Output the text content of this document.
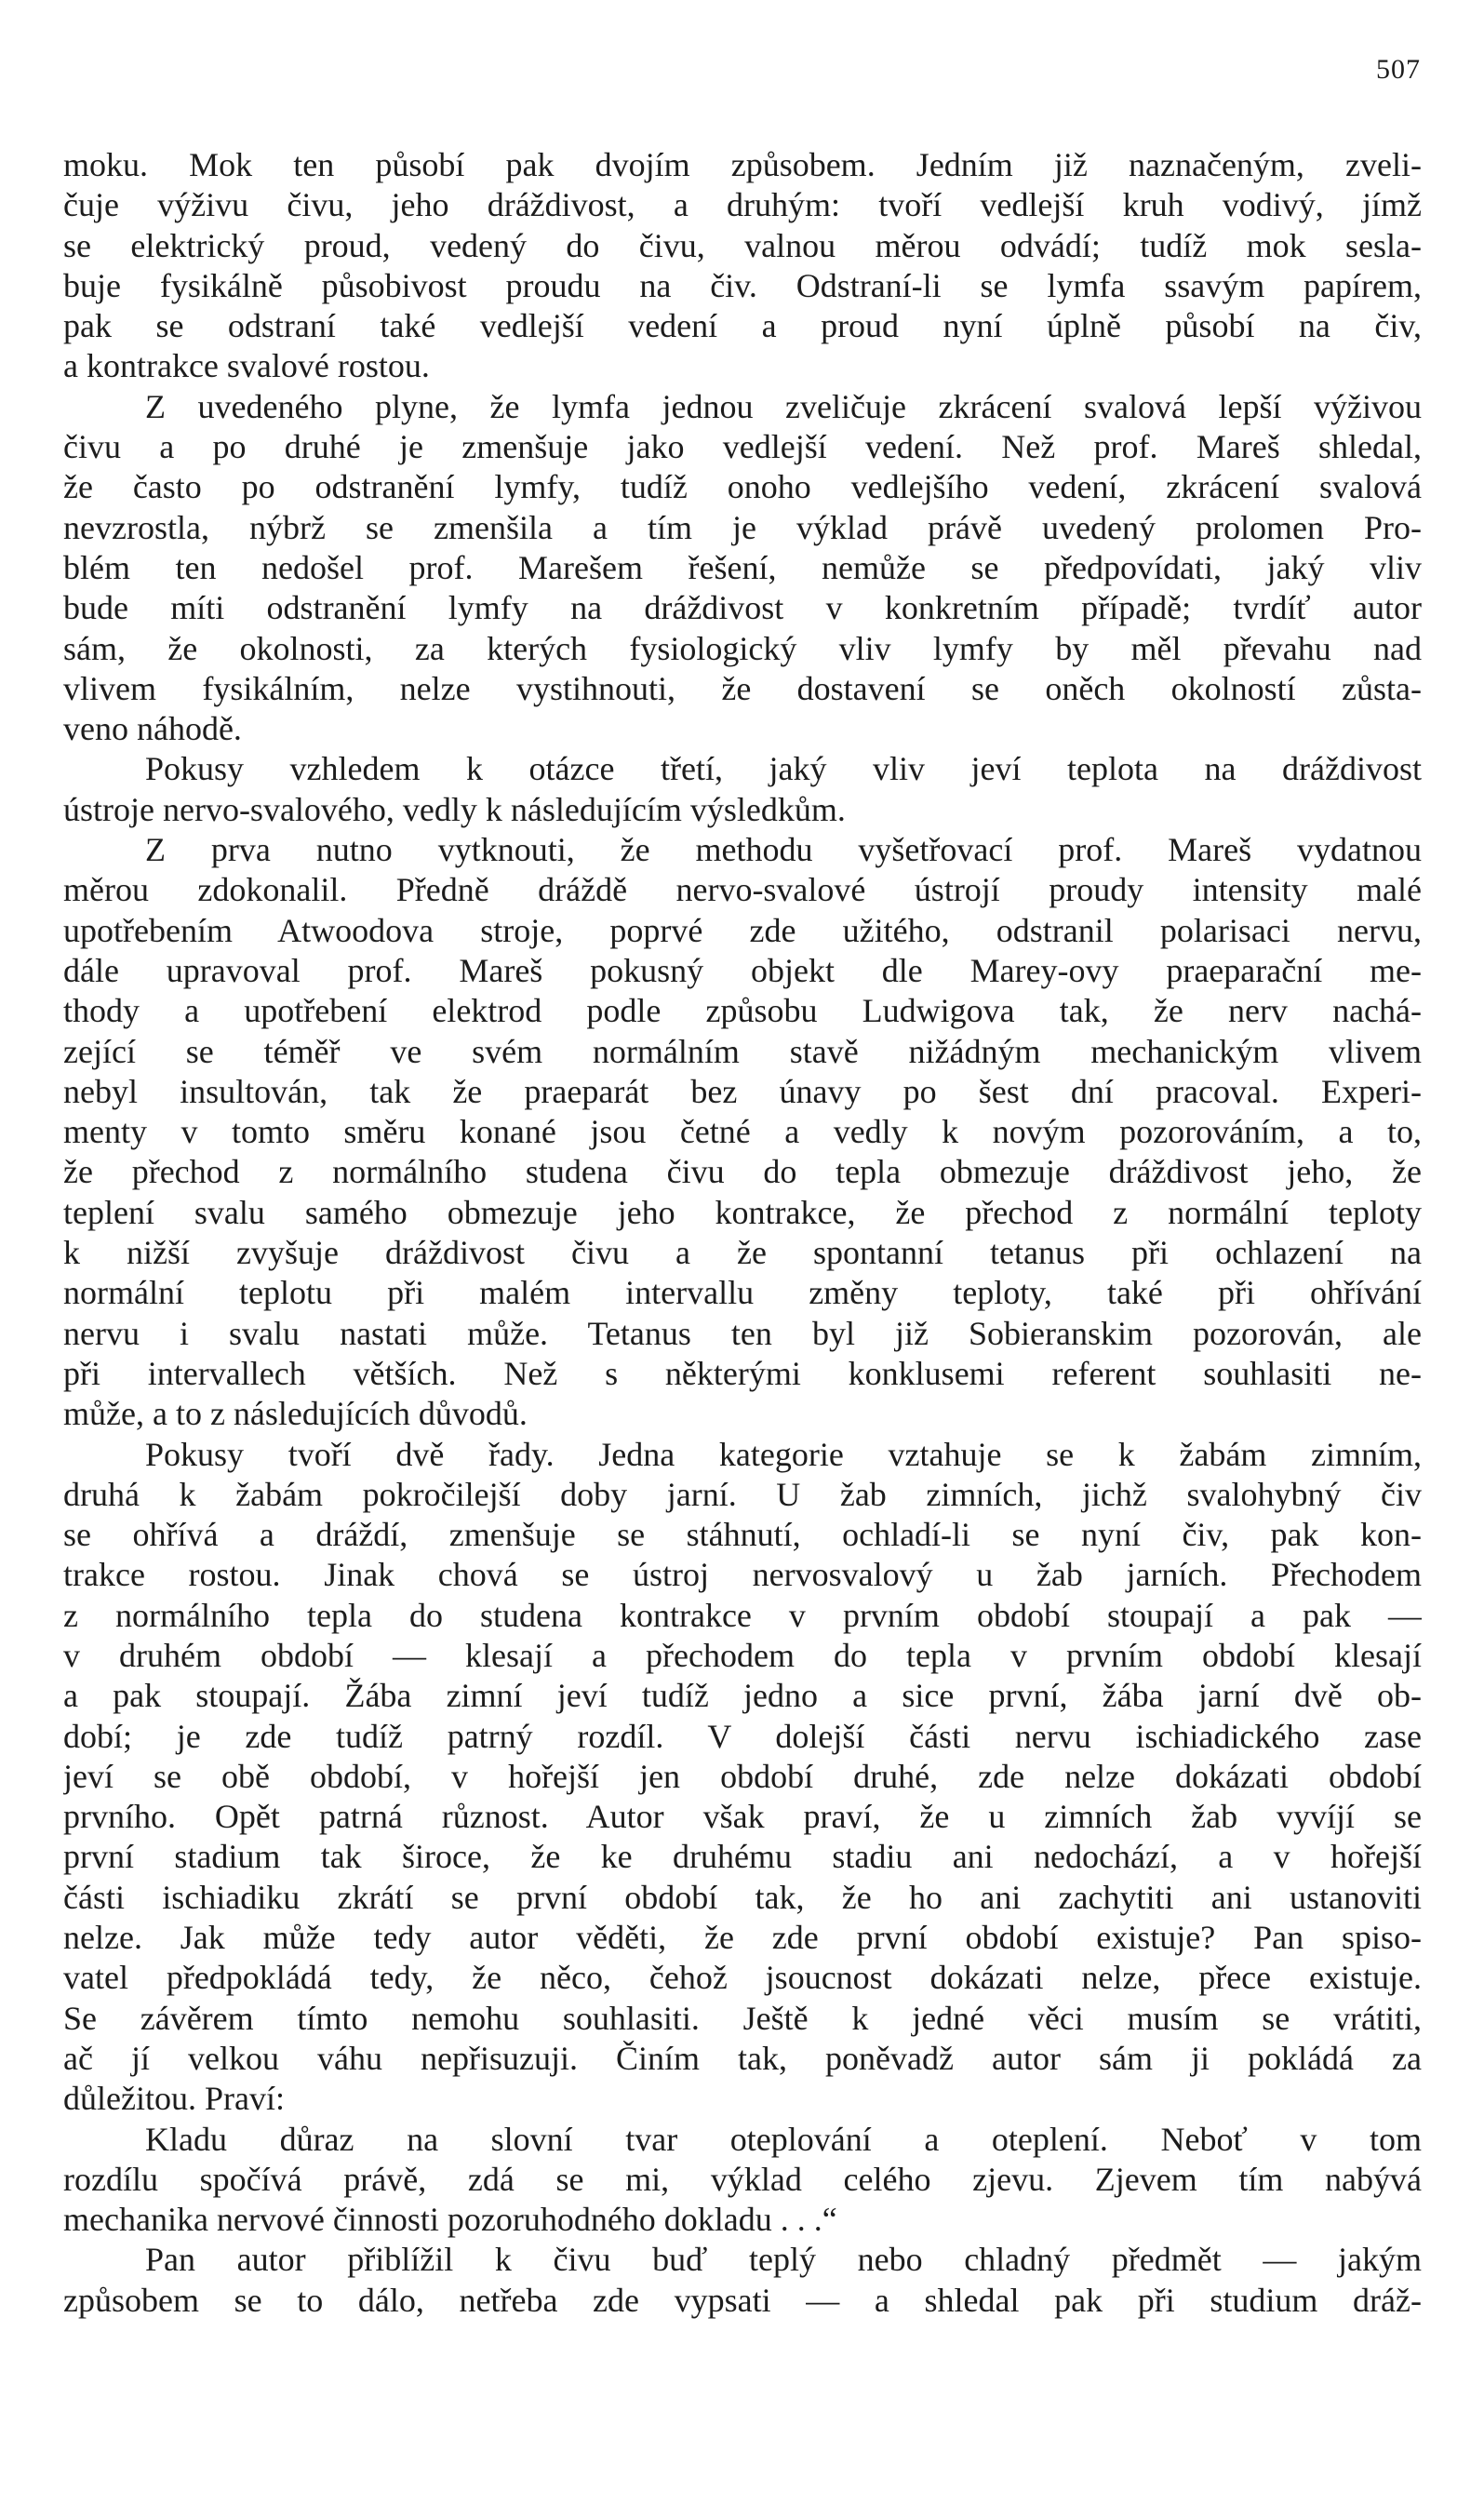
507
moku. Mok ten působí pak dvojím způsobem. Jedním již naznačeným, zveli-
čuje výživu čivu, jeho dráždivost, a druhým: tvoří vedlejší kruh vodivý, jímž
se elektrický proud, vedený do čivu, valnou měrou odvádí; tudíž mok sesla-
buje fysikálně působivost proudu na čiv. Odstraní-li se lymfa ssavým papírem,
pak se odstraní také vedlejší vedení a proud nyní úplně působí na čiv,
a kontrakce svalové rostou.
Z uvedeného plyne, že lymfa jednou zveličuje zkrácení svalová lepší výživou
čivu a po druhé je zmenšuje jako vedlejší vedení. Než prof. Mareš shledal,
že často po odstranění lymfy, tudíž onoho vedlejšího vedení, zkrácení svalová
nevzrostla, nýbrž se zmenšila a tím je výklad právě uvedený prolomen Pro-
blém ten nedošel prof. Marešem řešení, nemůže se předpovídati, jaký vliv
bude míti odstranění lymfy na dráždivost v konkretním případě; tvrdíť autor
sám, že okolnosti, za kterých fysiologický vliv lymfy by měl převahu nad
vlivem fysikálním, nelze vystihnouti, že dostavení se oněch okolností zůsta-
veno náhodě.
Pokusy vzhledem k otázce třetí, jaký vliv jeví teplota na dráždivost
ústroje nervo-svalového, vedly k následujícím výsledkům.
Z prva nutno vytknouti, že methodu vyšetřovací prof. Mareš vydatnou
měrou zdokonalil. Předně dráždě nervo-svalové ústrojí proudy intensity malé
upotřebením Atwoodova stroje, poprvé zde užitého, odstranil polarisaci nervu,
dále upravoval prof. Mareš pokusný objekt dle Marey-ovy praeparační me-
thody a upotřebení elektrod podle způsobu Ludwigova tak, že nerv nachá-
zející se téměř ve svém normálním stavě nižádným mechanickým vlivem
nebyl insultován, tak že praeparát bez únavy po šest dní pracoval. Experi-
menty v tomto směru konané jsou četné a vedly k novým pozorováním, a to,
že přechod z normálního studena čivu do tepla obmezuje dráždivost jeho, že
teplení svalu samého obmezuje jeho kontrakce, že přechod z normální teploty
k nižší zvyšuje dráždivost čivu a že spontanní tetanus při ochlazení na
normální teplotu při malém intervallu změny teploty, také při ohřívání
nervu i svalu nastati může. Tetanus ten byl již Sobieranskim pozorován, ale
při intervallech větších. Než s některými konklusemi referent souhlasiti ne-
může, a to z následujících důvodů.
Pokusy tvoří dvě řady. Jedna kategorie vztahuje se k žabám zimním,
druhá k žabám pokročilejší doby jarní. U žab zimních, jichž svalohybný čiv
se ohřívá a dráždí, zmenšuje se stáhnutí, ochladí-li se nyní čiv, pak kon-
trakce rostou. Jinak chová se ústroj nervosvalový u žab jarních. Přechodem
z normálního tepla do studena kontrakce v prvním období stoupají a pak —
v druhém období — klesají a přechodem do tepla v prvním období klesají
a pak stoupají. Žába zimní jeví tudíž jedno a sice první, žába jarní dvě ob-
dobí; je zde tudíž patrný rozdíl. V dolejší části nervu ischiadického zase
jeví se obě období, v hořejší jen období druhé, zde nelze dokázati období
prvního. Opět patrná různost. Autor však praví, že u zimních žab vyvíjí se
první stadium tak široce, že ke druhému stadiu ani nedochází, a v hořejší
části ischiadiku zkrátí se první období tak, že ho ani zachytiti ani ustanoviti
nelze. Jak může tedy autor věděti, že zde první období existuje? Pan spiso-
vatel předpokládá tedy, že něco, čehož jsoucnost dokázati nelze, přece existuje.
Se závěrem tímto nemohu souhlasiti. Ještě k jedné věci musím se vrátiti,
ač jí velkou váhu nepřisuzuji. Činím tak, poněvadž autor sám ji pokládá za
důležitou. Praví:
Kladu důraz na slovní tvar oteplování a oteplení. Neboť v tom
rozdílu spočívá právě, zdá se mi, výklad celého zjevu. Zjevem tím nabývá
mechanika nervové činnosti pozoruhodného dokladu . . .“
Pan autor přiblížil k čivu buď teplý nebo chladný předmět — jakým
způsobem se to dálo, netřeba zde vypsati — a shledal pak při studium dráž-
